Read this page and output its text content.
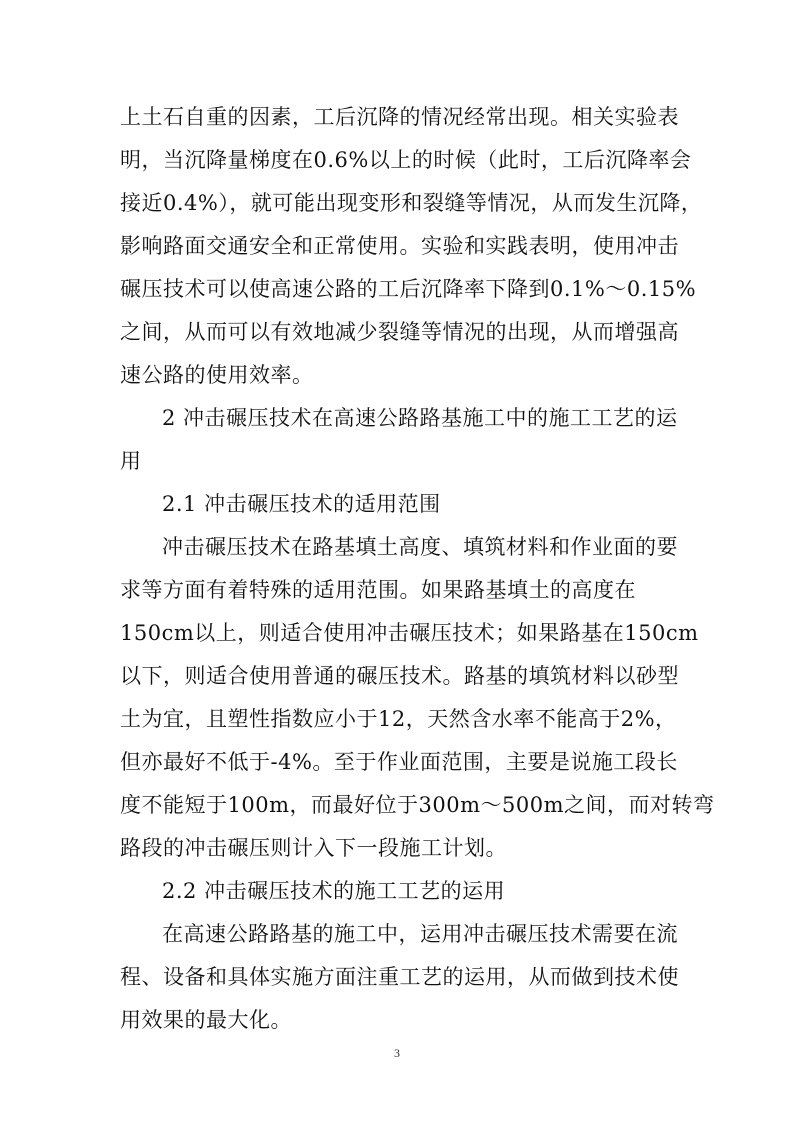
上土石自重的因素，工后沉降的情况经常出现。相关实验表
明，当沉降量梯度在0.6%以上的时候（此时，工后沉降率会
接近0.4%），就可能出现变形和裂缝等情况，从而发生沉降，
影响路面交通安全和正常使用。实验和实践表明，使用冲击
碾压技术可以使高速公路的工后沉降率下降到0.1%～0.15%
之间，从而可以有效地减少裂缝等情况的出现，从而增强高
速公路的使用效率。
2 冲击碾压技术在高速公路路基施工中的施工工艺的运
用
2.1 冲击碾压技术的适用范围
冲击碾压技术在路基填土高度、填筑材料和作业面的要
求等方面有着特殊的适用范围。如果路基填土的高度在
150cm以上，则适合使用冲击碾压技术；如果路基在150cm
以下，则适合使用普通的碾压技术。路基的填筑材料以砂型
土为宜，且塑性指数应小于12，天然含水率不能高于2%，
但亦最好不低于-4%。至于作业面范围，主要是说施工段长
度不能短于100m，而最好位于300m～500m之间，而对转弯
路段的冲击碾压则计入下一段施工计划。
2.2 冲击碾压技术的施工工艺的运用
在高速公路路基的施工中，运用冲击碾压技术需要在流
程、设备和具体实施方面注重工艺的运用，从而做到技术使
用效果的最大化。
3
